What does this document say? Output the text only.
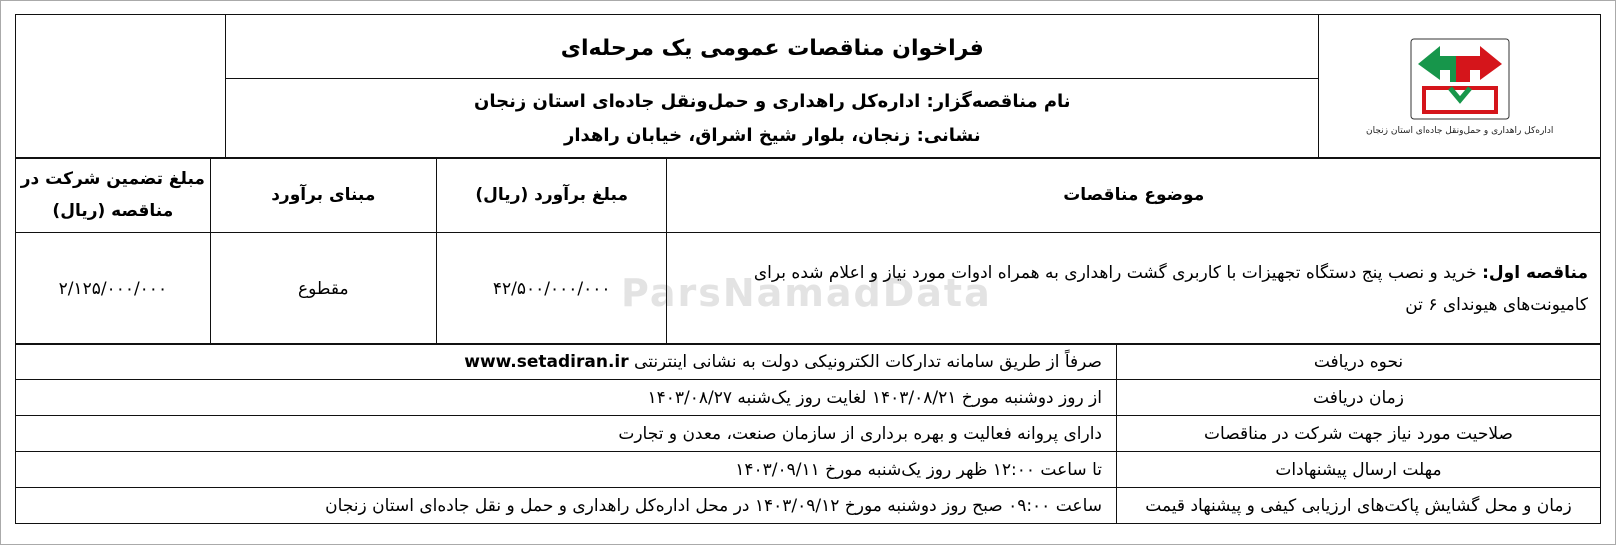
ParsNamadData
اداره‌کل راهداری و حمل‌ونقل جاده‌ای استان زنجان

فراخوان مناقصات عمومی یک مرحله‌ای
نام مناقصه‌گزار: اداره‌کل راهداری و حمل‌ونقل جاده‌ای استان زنجان
نشانی: زنجان، بلوار شیخ اشراق، خیابان راهدار

موضوع مناقصات	مبلغ برآورد (ریال)	مبنای برآورد	مبلغ تضمین شرکت در مناقصه (ریال)
مناقصه اول: خرید و نصب پنج دستگاه تجهیزات با کاربری گشت راهداری به همراه ادوات مورد نیاز و اعلام شده برای کامیونت‌های هیوندای ۶ تن	۴۲/۵۰۰/۰۰۰/۰۰۰	مقطوع	۲/۱۲۵/۰۰۰/۰۰۰
نحوه دریافت	صرفاً از طریق سامانه تدارکات الکترونیکی دولت به نشانی اینترنتی www.setadiran.ir
زمان دریافت	از روز دوشنبه مورخ ۱۴۰۳/۰۸/۲۱ لغایت روز یک‌شنبه ۱۴۰۳/۰۸/۲۷
صلاحیت مورد نیاز جهت شرکت در مناقصات	دارای پروانه فعالیت و بهره برداری از سازمان صنعت، معدن و تجارت
مهلت ارسال پیشنهادات	تا ساعت ۱۲:۰۰ ظهر روز یک‌شنبه مورخ ۱۴۰۳/۰۹/۱۱
زمان و محل گشایش پاکت‌های ارزیابی کیفی و پیشنهاد قیمت	ساعت ۰۹:۰۰ صبح روز دوشنبه مورخ ۱۴۰۳/۰۹/۱۲ در محل اداره‌کل راهداری و حمل و نقل جاده‌ای استان زنجان
